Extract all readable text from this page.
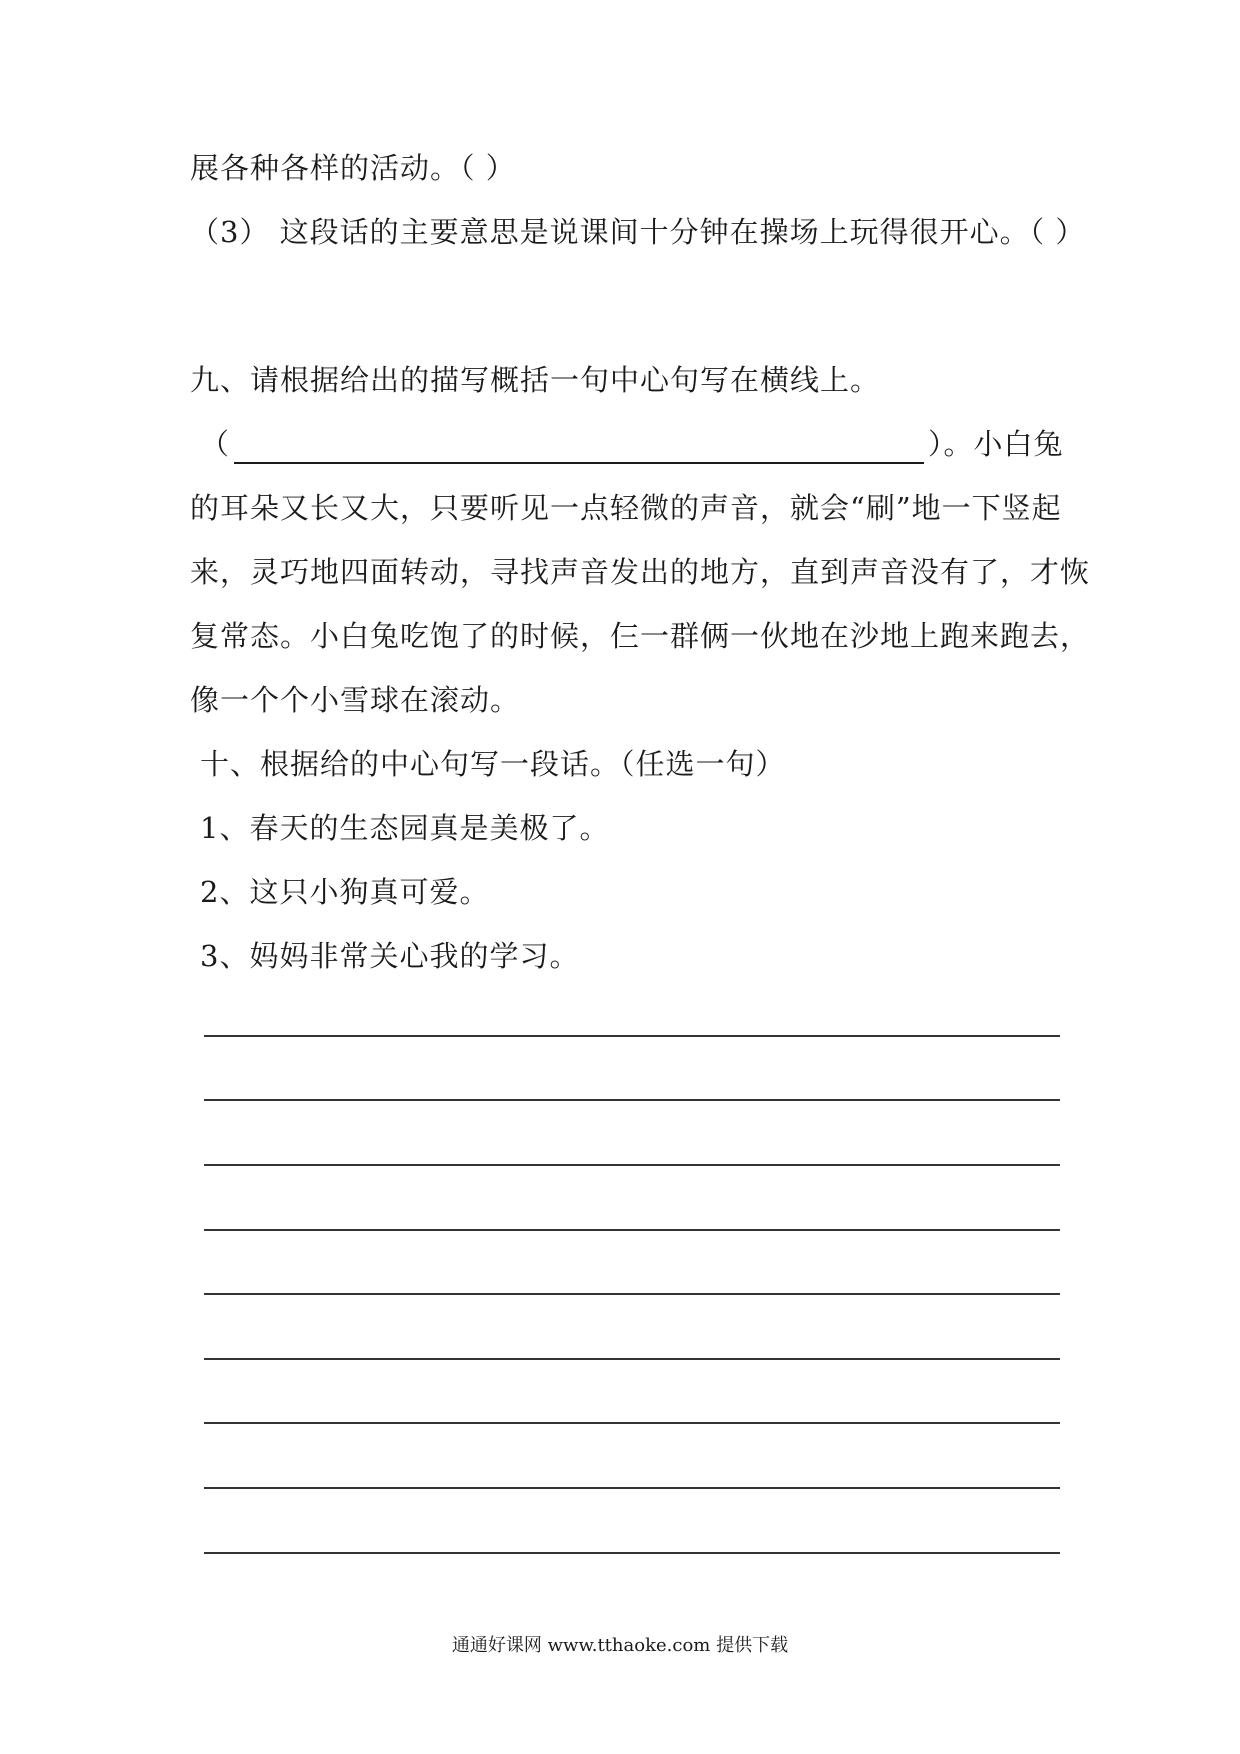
展各种各样的活动。（ ）
（3） 这段话的主要意思是说课间十分钟在操场上玩得很开心。（ ）
九、请根据给出的描写概括一句中心句写在横线上。
（	）。小白兔
的耳朵又长又大，只要听见一点轻微的声音，就会“刷”地一下竖起
来，灵巧地四面转动，寻找声音发出的地方，直到声音没有了，才恢
复常态。小白兔吃饱了的时候，仨一群俩一伙地在沙地上跑来跑去，
像一个个小雪球在滚动。
十、根据给的中心句写一段话。（任选一句）
1、春天的生态园真是美极了。
2、这只小狗真可爱。
3、妈妈非常关心我的学习。
通通好课网 www.tthaoke.com 提供下载
